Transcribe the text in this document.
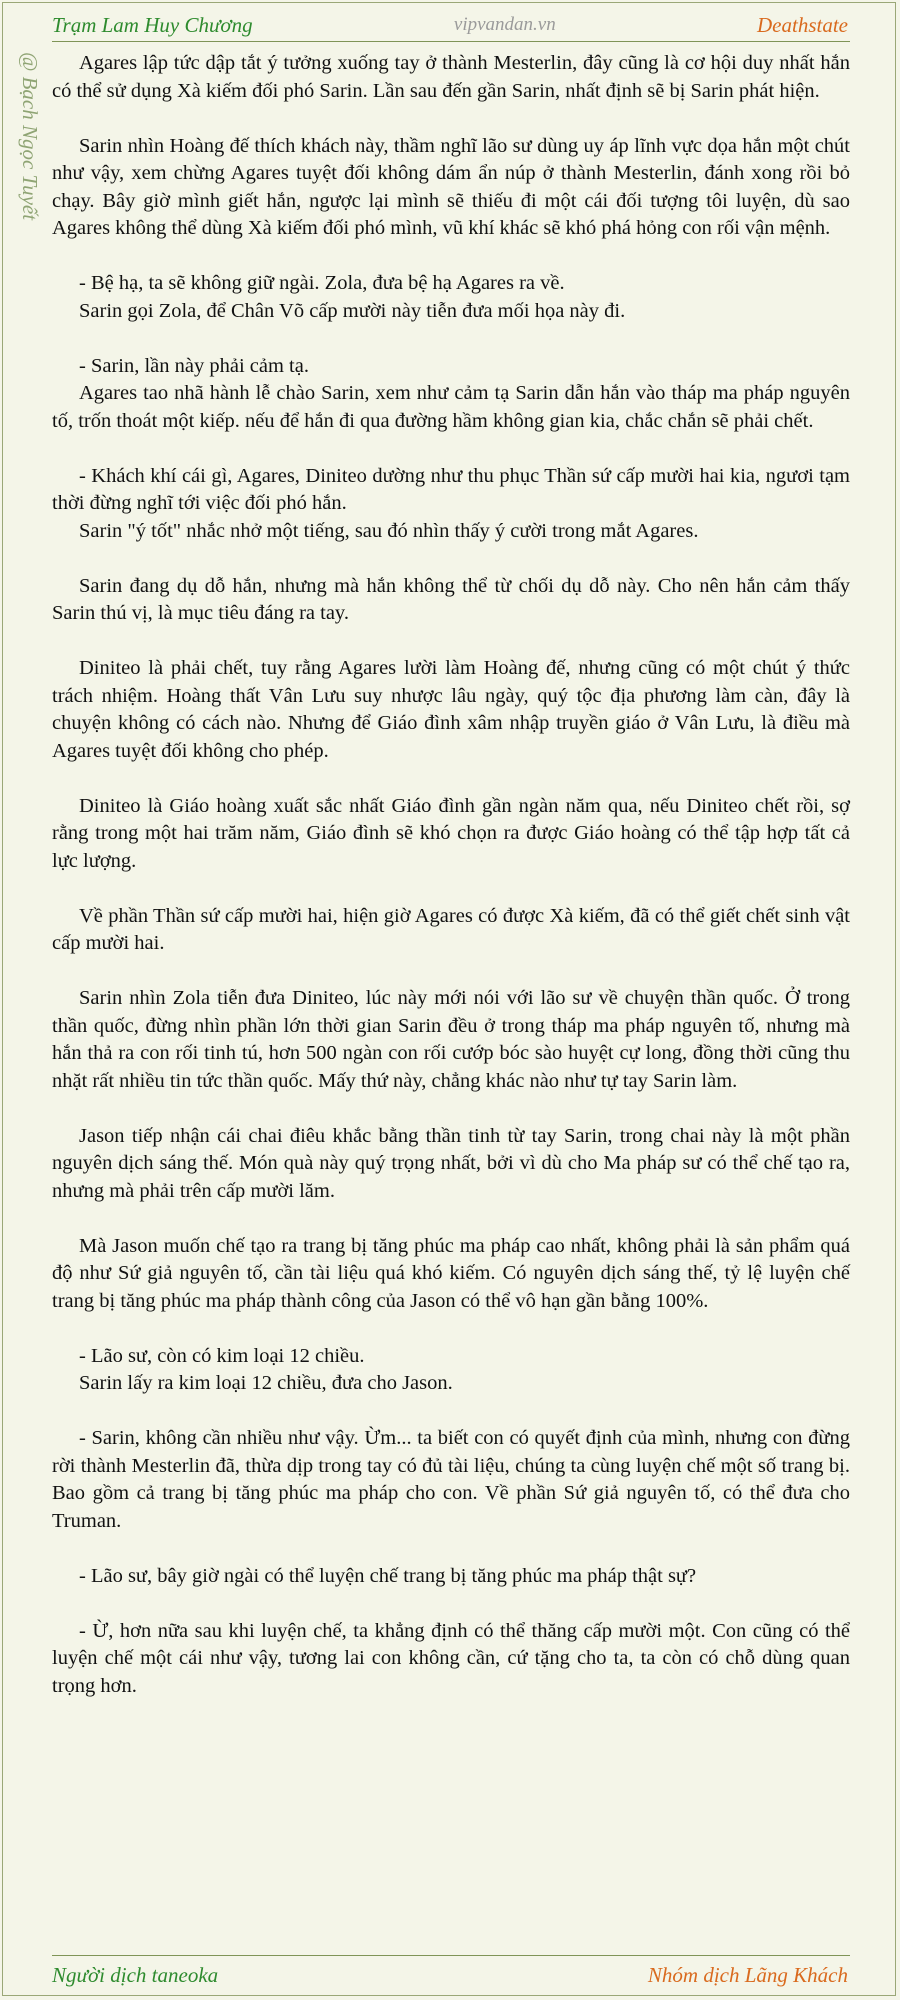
Trạm Lam Huy Chương	vipvandan.vn	Deathstate
@ Bạch Ngọc Tuyết	Agares lập tức dập tắt ý tưởng xuống tay ở thành Mesterlin, đây cũng là cơ hội duy nhất hắn có thể sử dụng Xà kiếm đối phó Sarin. Lần sau đến gần Sarin, nhất định sẽ bị Sarin phát hiện.

Sarin nhìn Hoàng đế thích khách này, thầm nghĩ lão sư dùng uy áp lĩnh vực dọa hắn một chút như vậy, xem chừng Agares tuyệt đối không dám ẩn núp ở thành Mesterlin, đánh xong rồi bỏ chạy. Bây giờ mình giết hắn, ngược lại mình sẽ thiếu đi một cái đối tượng tôi luyện, dù sao Agares không thể dùng Xà kiếm đối phó mình, vũ khí khác sẽ khó phá hỏng con rối vận mệnh.

- Bệ hạ, ta sẽ không giữ ngài. Zola, đưa bệ hạ Agares ra về.

Sarin gọi Zola, để Chân Võ cấp mười này tiễn đưa mối họa này đi.

- Sarin, lần này phải cảm tạ.

Agares tao nhã hành lễ chào Sarin, xem như cảm tạ Sarin dẫn hắn vào tháp ma pháp nguyên tố, trốn thoát một kiếp. nếu để hắn đi qua đường hầm không gian kia, chắc chắn sẽ phải chết.

- Khách khí cái gì, Agares, Diniteo dường như thu phục Thần sứ cấp mười hai kia, ngươi tạm thời đừng nghĩ tới việc đối phó hắn.

Sarin "ý tốt" nhắc nhở một tiếng, sau đó nhìn thấy ý cười trong mắt Agares.

Sarin đang dụ dỗ hắn, nhưng mà hắn không thể từ chối dụ dỗ này. Cho nên hắn cảm thấy Sarin thú vị, là mục tiêu đáng ra tay.

Diniteo là phải chết, tuy rằng Agares lười làm Hoàng đế, nhưng cũng có một chút ý thức trách nhiệm. Hoàng thất Vân Lưu suy nhược lâu ngày, quý tộc địa phương làm càn, đây là chuyện không có cách nào. Nhưng để Giáo đình xâm nhập truyền giáo ở Vân Lưu, là điều mà Agares tuyệt đối không cho phép.

Diniteo là Giáo hoàng xuất sắc nhất Giáo đình gần ngàn năm qua, nếu Diniteo chết rồi, sợ rằng trong một hai trăm năm, Giáo đình sẽ khó chọn ra được Giáo hoàng có thể tập hợp tất cả lực lượng.

Về phần Thần sứ cấp mười hai, hiện giờ Agares có được Xà kiếm, đã có thể giết chết sinh vật cấp mười hai.

Sarin nhìn Zola tiễn đưa Diniteo, lúc này mới nói với lão sư về chuyện thần quốc. Ở trong thần quốc, đừng nhìn phần lớn thời gian Sarin đều ở trong tháp ma pháp nguyên tố, nhưng mà hắn thả ra con rối tinh tú, hơn 500 ngàn con rối cướp bóc sào huyệt cự long, đồng thời cũng thu nhặt rất nhiều tin tức thần quốc. Mấy thứ này, chẳng khác nào như tự tay Sarin làm.

Jason tiếp nhận cái chai điêu khắc bằng thần tinh từ tay Sarin, trong chai này là một phần nguyên dịch sáng thế. Món quà này quý trọng nhất, bởi vì dù cho Ma pháp sư có thể chế tạo ra, nhưng mà phải trên cấp mười lăm.

Mà Jason muốn chế tạo ra trang bị tăng phúc ma pháp cao nhất, không phải là sản phẩm quá độ như Sứ giả nguyên tố, cần tài liệu quá khó kiếm. Có nguyên dịch sáng thế, tỷ lệ luyện chế trang bị tăng phúc ma pháp thành công của Jason có thể vô hạn gần bằng 100%.

- Lão sư, còn có kim loại 12 chiều.

Sarin lấy ra kim loại 12 chiều, đưa cho Jason.

- Sarin, không cần nhiều như vậy. Ừm... ta biết con có quyết định của mình, nhưng con đừng rời thành Mesterlin đã, thừa dịp trong tay có đủ tài liệu, chúng ta cùng luyện chế một số trang bị. Bao gồm cả trang bị tăng phúc ma pháp cho con. Về phần Sứ giả nguyên tố, có thể đưa cho Truman.

- Lão sư, bây giờ ngài có thể luyện chế trang bị tăng phúc ma pháp thật sự?

- Ừ, hơn nữa sau khi luyện chế, ta khẳng định có thể thăng cấp mười một. Con cũng có thể luyện chế một cái như vậy, tương lai con không cần, cứ tặng cho ta, ta còn có chỗ dùng quan trọng hơn.

Người dịch taneoka	Nhóm dịch Lãng Khách
